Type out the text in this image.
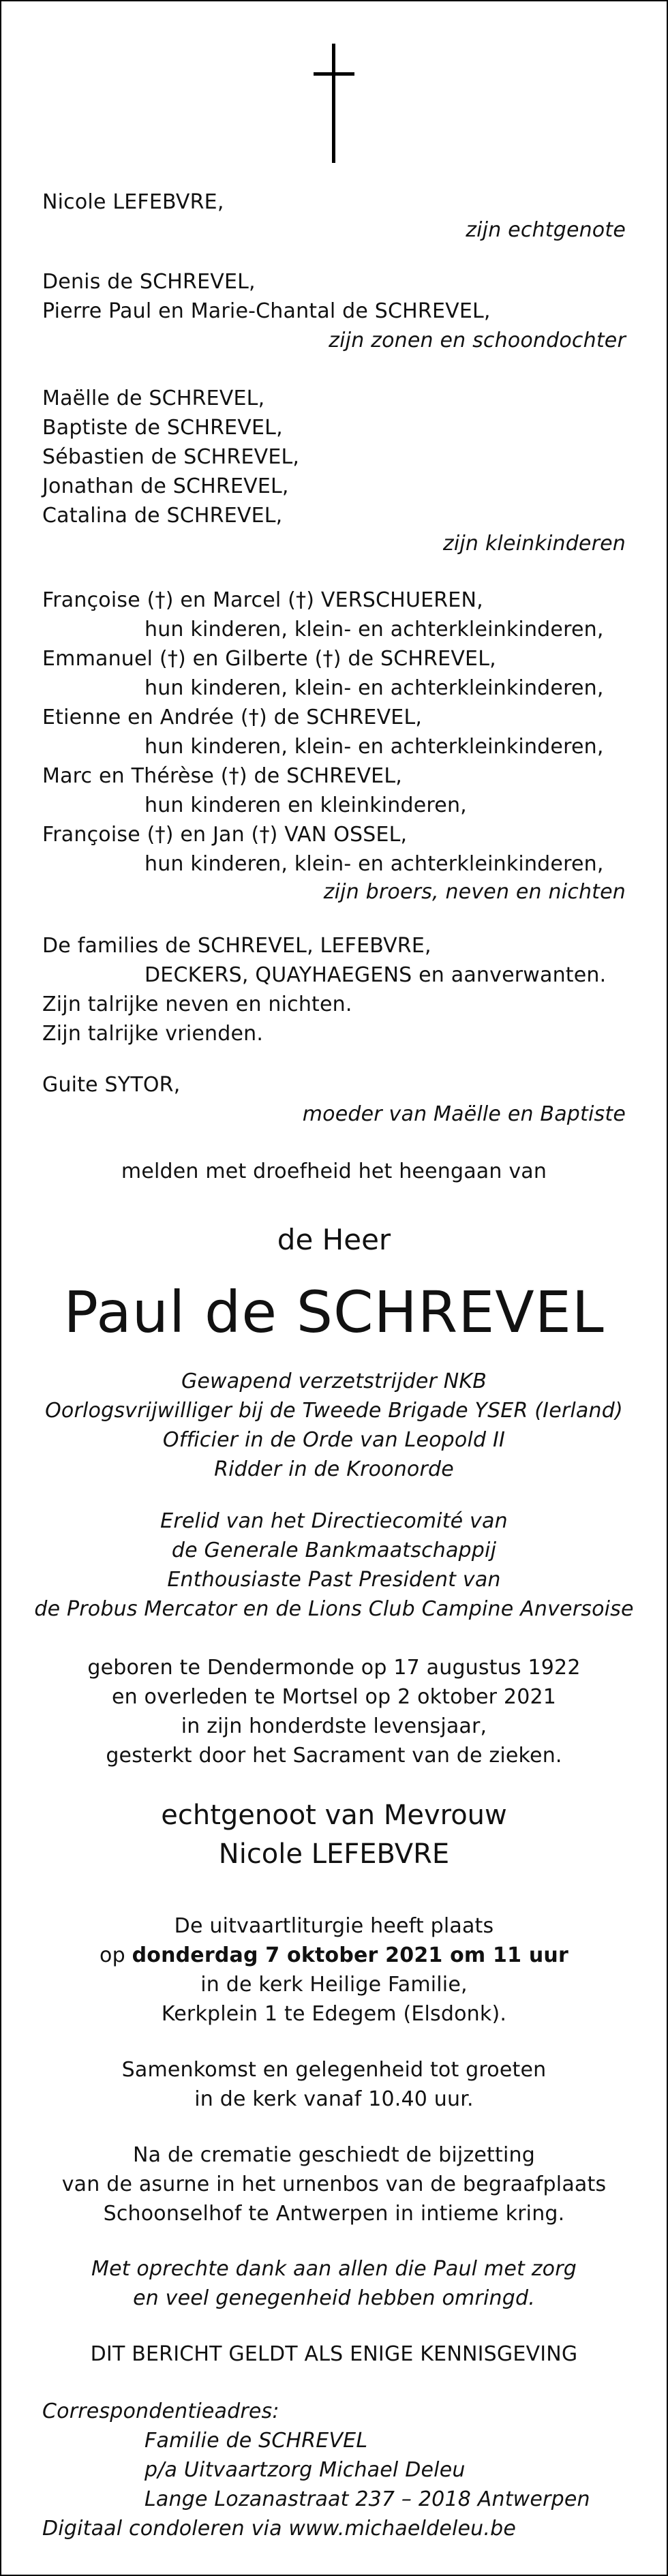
Nicole LEFEBVRE,
zijn echtgenote
Denis de SCHREVEL,
Pierre Paul en Marie-Chantal de SCHREVEL,
zijn zonen en schoondochter
Maëlle de SCHREVEL,
Baptiste de SCHREVEL,
Sébastien de SCHREVEL,
Jonathan de SCHREVEL,
Catalina de SCHREVEL,
zijn kleinkinderen
Françoise (†) en Marcel (†) VERSCHUEREN,
hun kinderen, klein- en achterkleinkinderen,
Emmanuel (†) en Gilberte (†) de SCHREVEL,
hun kinderen, klein- en achterkleinkinderen,
Etienne en Andrée (†) de SCHREVEL,
hun kinderen, klein- en achterkleinkinderen,
Marc en Thérèse (†) de SCHREVEL,
hun kinderen en kleinkinderen,
Françoise (†) en Jan (†) VAN OSSEL,
hun kinderen, klein- en achterkleinkinderen,
zijn broers, neven en nichten
De families de SCHREVEL, LEFEBVRE,
DECKERS, QUAYHAEGENS en aanverwanten.
Zijn talrijke neven en nichten.
Zijn talrijke vrienden.
Guite SYTOR,
moeder van Maëlle en Baptiste
melden met droefheid het heengaan van
de Heer
Paul de SCHREVEL
Gewapend verzetstrijder NKB
Oorlogsvrijwilliger bij de Tweede Brigade YSER (Ierland)
Officier in de Orde van Leopold II
Ridder in de Kroonorde
Erelid van het Directiecomité van
de Generale Bankmaatschappij
Enthousiaste Past President van
de Probus Mercator en de Lions Club Campine Anversoise
geboren te Dendermonde op 17 augustus 1922
en overleden te Mortsel op 2 oktober 2021
in zijn honderdste levensjaar,
gesterkt door het Sacrament van de zieken.
echtgenoot van Mevrouw
Nicole LEFEBVRE
De uitvaartliturgie heeft plaats
op donderdag 7 oktober 2021 om 11 uur
in de kerk Heilige Familie,
Kerkplein 1 te Edegem (Elsdonk).
Samenkomst en gelegenheid tot groeten
in de kerk vanaf 10.40 uur.
Na de crematie geschiedt de bijzetting
van de asurne in het urnenbos van de begraafplaats
Schoonselhof te Antwerpen in intieme kring.
Met oprechte dank aan allen die Paul met zorg
en veel genegenheid hebben omringd.
DIT BERICHT GELDT ALS ENIGE KENNISGEVING
Correspondentieadres:
Familie de SCHREVEL
p/a Uitvaartzorg Michael Deleu
Lange Lozanastraat 237 – 2018 Antwerpen
Digitaal condoleren via www.michaeldeleu.be
